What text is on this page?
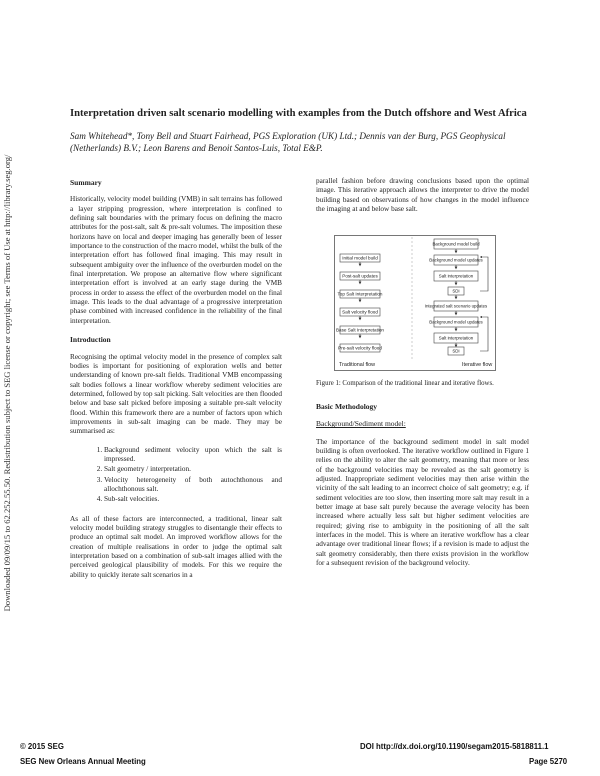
Downloaded 09/09/15 to 62.252.55.50. Redistribution subject to SEG license or copyright; see Terms of Use at http://library.seg.org/
Interpretation driven salt scenario modelling with examples from the Dutch offshore and West Africa

Sam Whitehead*, Tony Bell and Stuart Fairhead, PGS Exploration (UK) Ltd.; Dennis van der Burg, PGS Geophysical (Netherlands) B.V.; Leon Barens and Benoit Santos-Luis, Total E&P.

Summary

Historically, velocity model building (VMB) in salt terrains has followed a layer stripping progression, where interpretation is confined to defining salt boundaries with the primary focus on defining the macro attributes for the post-salt, salt & pre-salt volumes. The imposition these horizons have on local and deeper imaging has generally been of lesser importance to the construction of the macro model, whilst the bulk of the interpretation effort has followed final imaging. This may result in subsequent ambiguity over the influence of the overburden model on the final interpretation. We propose an alternative flow where significant interpretation effort is involved at an early stage during the VMB process in order to assess the effect of the overburden model on the final image. This leads to the dual advantage of a progressive interpretation phase combined with increased confidence in the reliability of the final interpretation.

Introduction

Recognising the optimal velocity model in the presence of complex salt bodies is important for positioning of exploration wells and better understanding of known pre-salt fields. Traditional VMB encompassing salt bodies follows a linear workflow whereby sediment velocities are determined, followed by top salt picking. Salt velocities are then flooded below and base salt picked before imposing a suitable pre-salt velocity flood. Within this framework there are a number of factors upon which improvements in sub-salt imaging can be made. They may be summarised as:

1. Background sediment velocity upon which the salt is impressed.
2. Salt geometry / interpretation.
3. Velocity heterogeneity of both autochthonous and allochthonous salt.
4. Sub-salt velocities.

As all of these factors are interconnected, a traditional, linear salt velocity model building strategy struggles to disentangle their effects to produce an optimal salt model. An improved workflow allows for the creation of multiple realisations in order to judge the optimal salt interpretation based on a combination of sub-salt images allied with the perceived geological plausibility of models. For this we require the ability to quickly iterate salt scenarios in a

parallel fashion before drawing conclusions based upon the optimal image. This iterative approach allows the interpreter to drive the model building based on observations of how changes in the model influence the imaging at and below base salt.

Initial model build
Post-salt updates
Top Salt Interpretation
Salt velocity flood
Base Salt Interpretation
Pre-salt velocity flood
Background model build
Background model updates
Salt interpretation
SDI
Integrated salt scenario updates
Background model updates
Salt interpretation
SDI
Traditional flow	Iterative flow

Figure 1: Comparison of the traditional linear and iterative flows.

Basic Methodology
Background/Sediment model:

The importance of the background sediment model in salt model building is often overlooked. The iterative workflow outlined in Figure 1 relies on the ability to alter the salt geometry, meaning that more or less of the background velocities may be revealed as the salt geometry is adjusted. Inappropriate sediment velocities may then arise within the vicinity of the salt leading to an incorrect choice of salt geometry; e.g. if sediment velocities are too slow, then inserting more salt may result in a better image at base salt purely because the average velocity has been increased where actually less salt but higher sediment velocities are required; giving rise to ambiguity in the positioning of all the salt interfaces in the model. This is where an iterative workflow has a clear advantage over traditional linear flows; if a revision is made to adjust the salt geometry considerably, then there exists provision in the workflow for a subsequent revision of the background velocity.

© 2015 SEG
SEG New Orleans Annual Meeting
DOI http://dx.doi.org/10.1190/segam2015-5818811.1
Page 5270
